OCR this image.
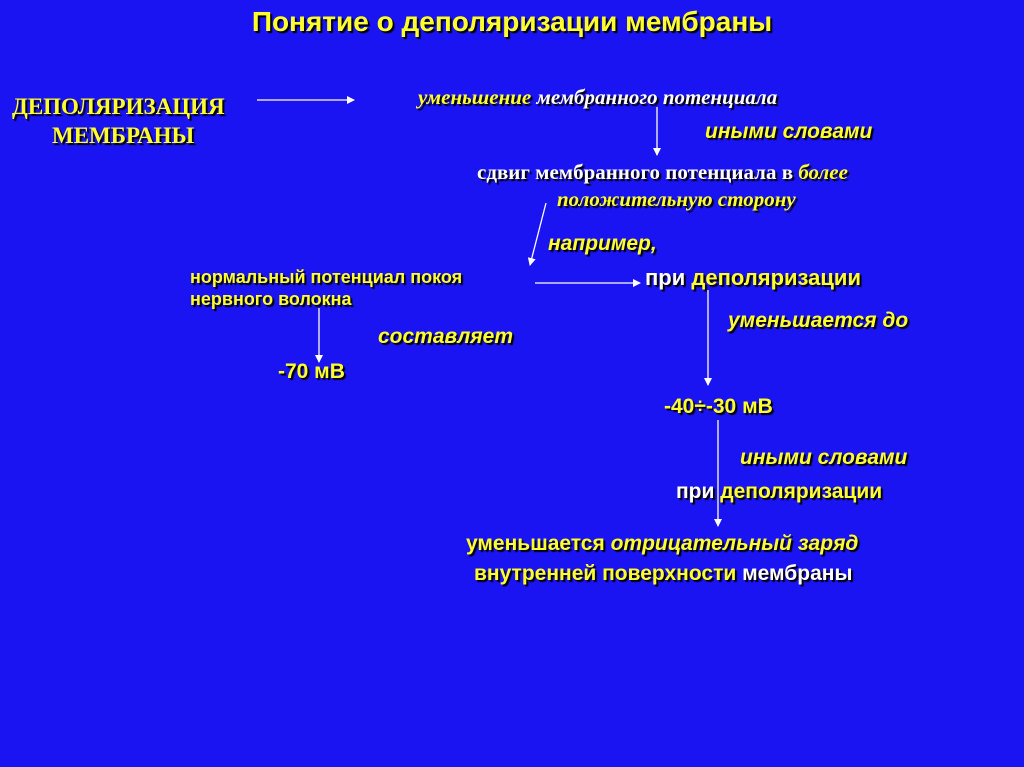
Понятие о деполяризации мембраны
ДЕПОЛЯРИЗАЦИЯ
МЕМБРАНЫ
уменьшение мембранного потенциала
иными словами
сдвиг мембранного потенциала в более
положительную сторону
например,
нормальный потенциал покоя
нервного волокна
составляет
-70 мВ
при деполяризации
уменьшается до
-40÷-30 мВ
иными словами
при деполяризации
уменьшается отрицательный заряд
внутренней поверхности мембраны
